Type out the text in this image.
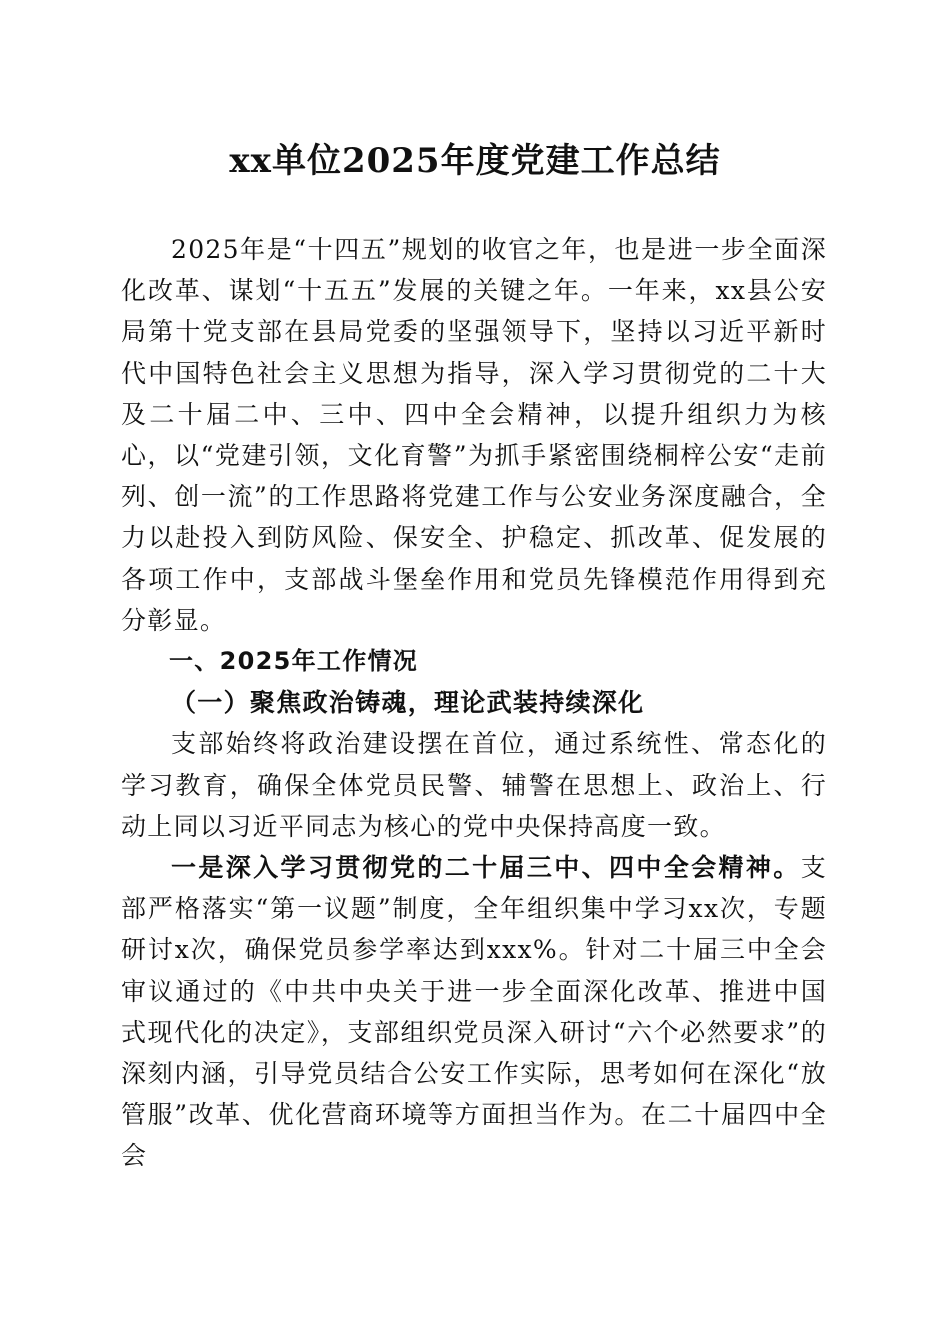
xx单位2025年度党建工作总结

2025年是“十四五”规划的收官之年，也是进一步全面深化改革、谋划“十五五”发展的关键之年。一年来，xx县公安局第十党支部在县局党委的坚强领导下，坚持以习近平新时代中国特色社会主义思想为指导，深入学习贯彻党的二十大及二十届二中、三中、四中全会精神，以提升组织力为核心，以“党建引领，文化育警”为抓手紧密围绕桐梓公安“走前列、创一流”的工作思路将党建工作与公安业务深度融合，全力以赴投入到防风险、保安全、护稳定、抓改革、促发展的各项工作中，支部战斗堡垒作用和党员先锋模范作用得到充分彰显。

一、2025年工作情况

（一）聚焦政治铸魂，理论武装持续深化

支部始终将政治建设摆在首位，通过系统性、常态化的学习教育，确保全体党员民警、辅警在思想上、政治上、行动上同以习近平同志为核心的党中央保持高度一致。

一是深入学习贯彻党的二十届三中、四中全会精神。支部严格落实“第一议题”制度，全年组织集中学习xx次，专题研讨x次，确保党员参学率达到xxx%。针对二十届三中全会审议通过的《中共中央关于进一步全面深化改革、推进中国式现代化的决定》，支部组织党员深入研讨“六个必然要求”的深刻内涵，引导党员结合公安工作实际，思考如何在深化“放管服”改革、优化营商环境等方面担当作为。在二十届四中全会
